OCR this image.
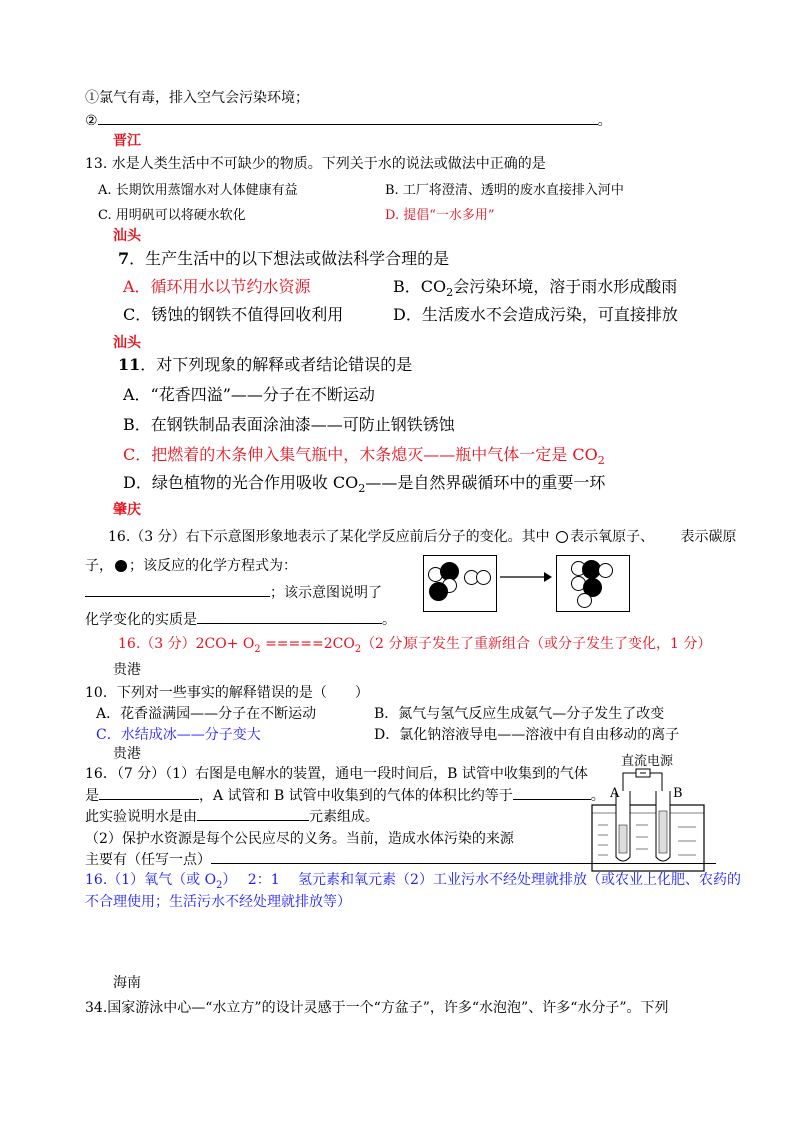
①氯气有毒，排入空气会污染环境；
②	。
晋江
13. 水是人类生活中不可缺少的物质。下列关于水的说法或做法中正确的是
A. 长期饮用蒸馏水对人体健康有益	B. 工厂将澄清、透明的废水直接排入河中
C. 用明矾可以将硬水软化	D. 提倡“一水多用”
汕头
7．生产生活中的以下想法或做法科学合理的是
A．循环用水以节约水资源	B．$CO_2$会污染环境，溶于雨水形成酸雨
C．锈蚀的钢铁不值得回收利用	D．生活废水不会造成污染，可直接排放
汕头
11．对下列现象的解释或者结论错误的是
A．“花香四溢”——分子在不断运动
B．在钢铁制品表面涂油漆——可防止钢铁锈蚀
C．把燃着的木条伸入集气瓶中，木条熄灭——瓶中气体一定是 $CO_2$
D．绿色植物的光合作用吸收 $CO_2——$是自然界碳循环中的重要一环
肇庆
16.（3 分）右下示意图形象地表示了某化学反应前后分子的变化。其中 表示氧原子、 表示碳原
子， ；该反应的化学方程式为：
；该示意图说明了
化学变化的实质是	。
16.（3 分）$2CO+ O_2 =====2CO_2(2$ 分）
原子发生了重新组合（或分子发生了变化，1 分）
贵港
10．下列对一些事实的解释错误的是（　　）
A．花香溢满园——分子在不断运动	B．氮气与氢气反应生成氨气—分子发生了改变
C．水结成冰——分子变大	D．氯化钠溶液导电——溶液中有自由移动的离子
贵港
16．（7 分）（1）右图是电解水的装置，通电一段时间后，B 试管中收集到的气体
是	，A 试管和 B 试管中收集到的气体的体积比约等于	。
此实验说明水是由	元素组成。
（2）保护水资源是每个公民应尽的义务。当前，造成水体污染的来源
主要有（任写一点）
直流电源
A	B
16.（1）氧气（或 $O_2$）　 2：1　 氢元素和氧元素（2）工业污水不经处理就排放（或农业上化肥、农药的
不合理使用；生活污水不经处理就排放等）
海南
34.国家游泳中心—“水立方”的设计灵感于一个“方盆子”，许多“水泡泡”、许多“水分子”。下列
